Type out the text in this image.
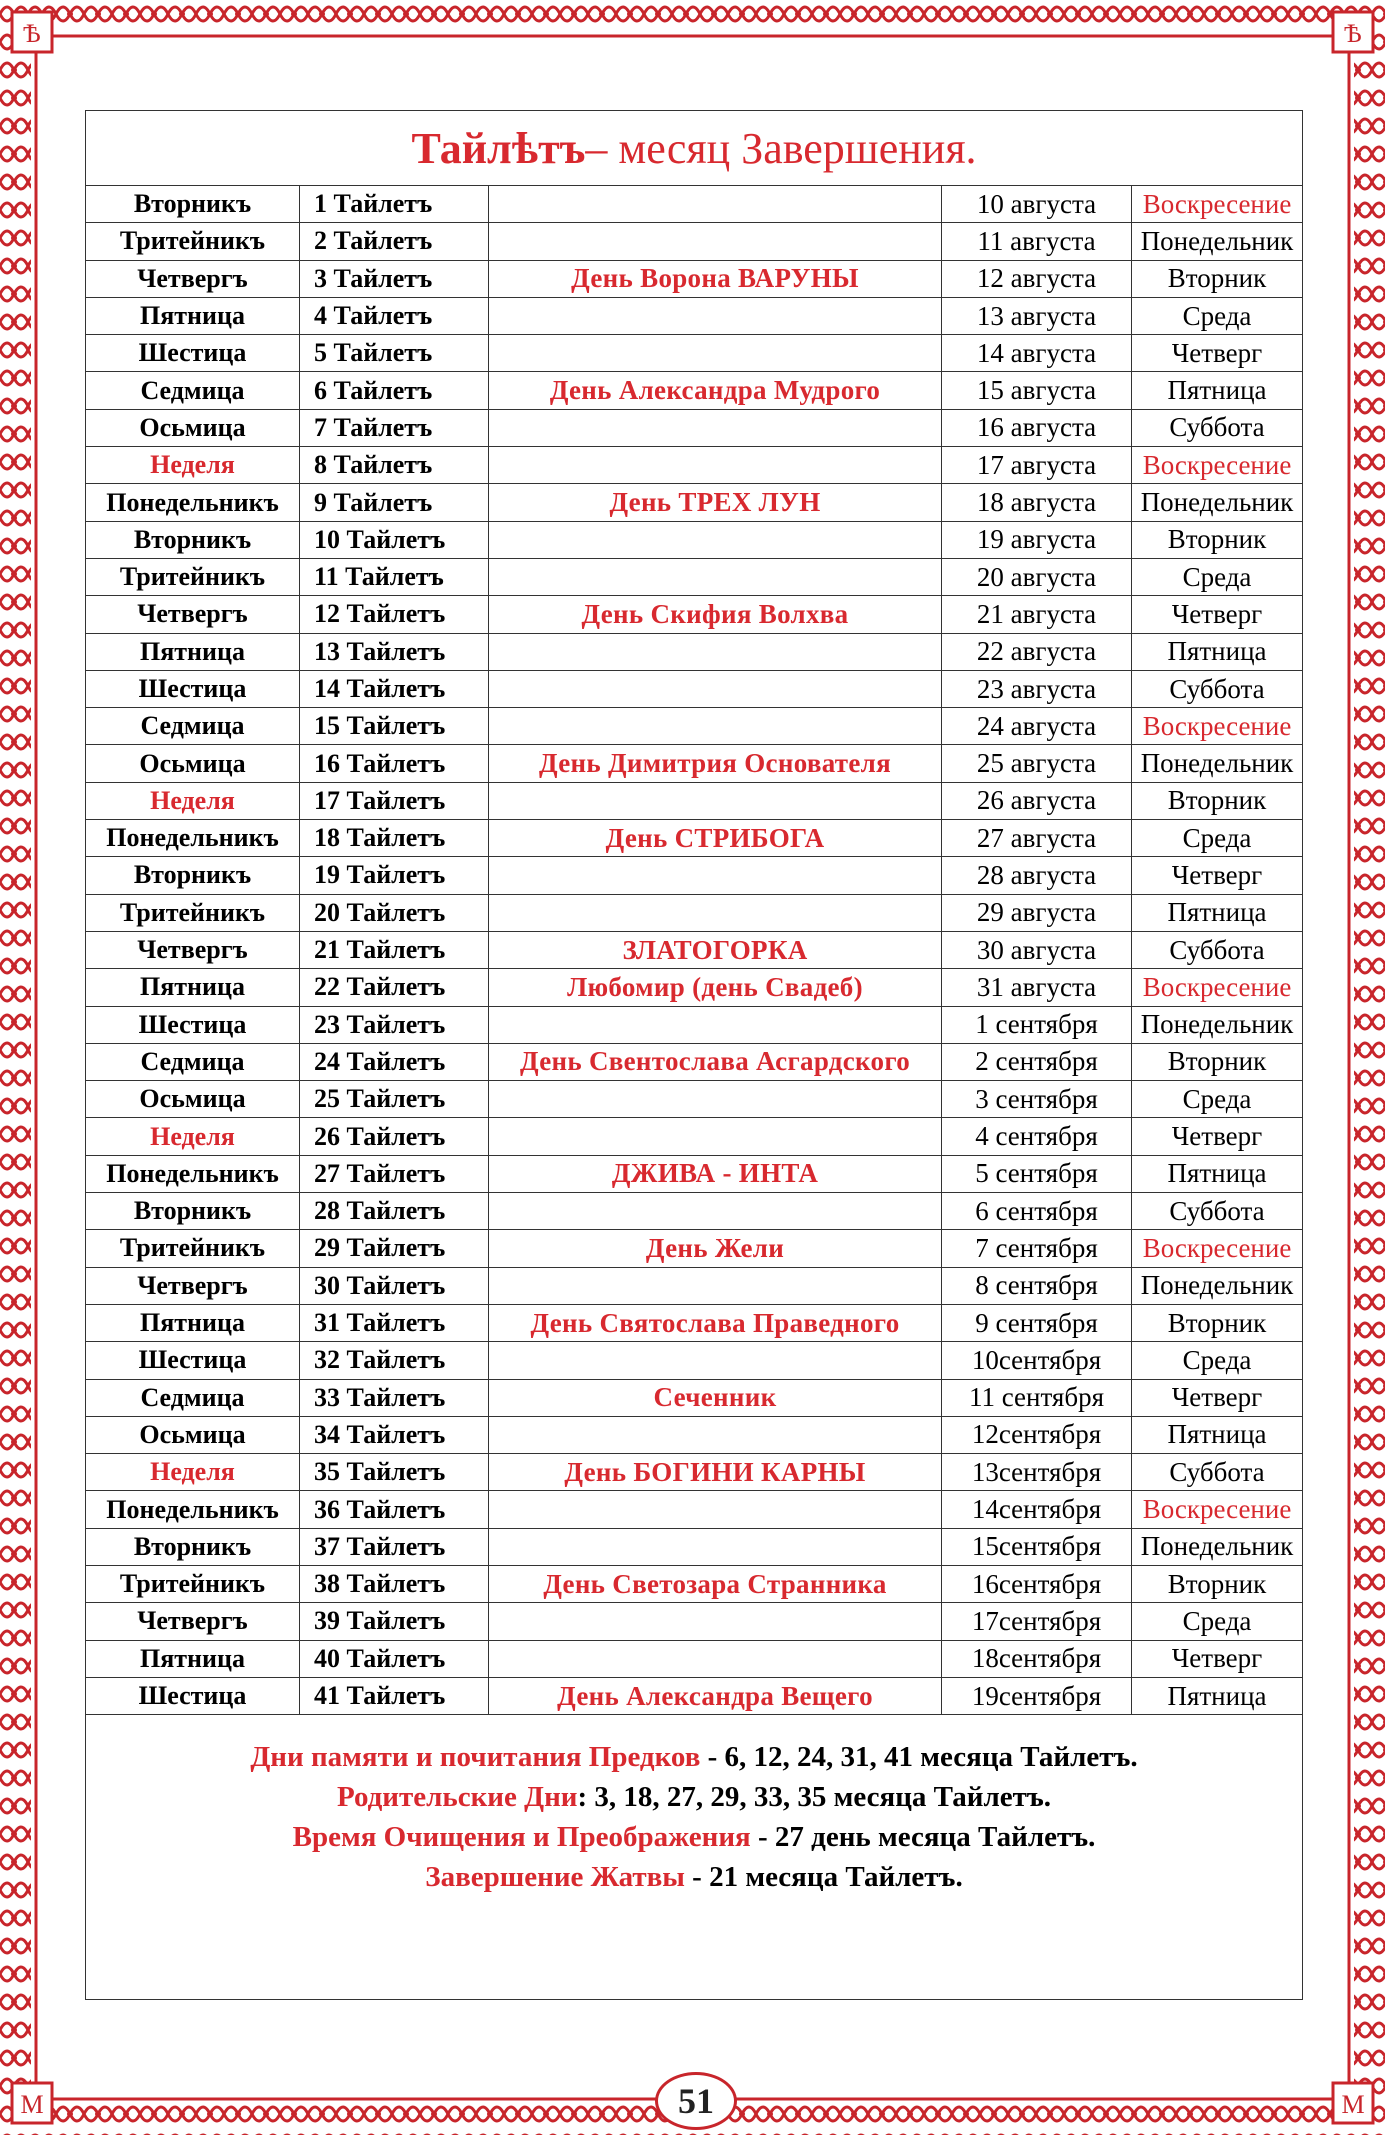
Ѣ	Ѣ
М	М
Тайлѣтъ – месяц Завершения.
Вторникъ	1 Тайлетъ		10 августа	Воскресение
Тритейникъ	2 Тайлетъ		11 августа	Понедельник
Четвергъ	3 Тайлетъ	День Ворона ВАРУНЫ	12 августа	Вторник
Пятница	4 Тайлетъ		13 августа	Среда
Шестица	5 Тайлетъ		14 августа	Четверг
Седмица	6 Тайлетъ	День Александра Мудрого	15 августа	Пятница
Осьмица	7 Тайлетъ		16 августа	Суббота
Неделя	8 Тайлетъ		17 августа	Воскресение
Понедельникъ	9 Тайлетъ	День ТРЕХ ЛУН	18 августа	Понедельник
Вторникъ	10 Тайлетъ		19 августа	Вторник
Тритейникъ	11 Тайлетъ		20 августа	Среда
Четвергъ	12 Тайлетъ	День Скифия Волхва	21 августа	Четверг
Пятница	13 Тайлетъ		22 августа	Пятница
Шестица	14 Тайлетъ		23 августа	Суббота
Седмица	15 Тайлетъ		24 августа	Воскресение
Осьмица	16 Тайлетъ	День Димитрия Основателя	25 августа	Понедельник
Неделя	17 Тайлетъ		26 августа	Вторник
Понедельникъ	18 Тайлетъ	День СТРИБОГА	27 августа	Среда
Вторникъ	19 Тайлетъ		28 августа	Четверг
Тритейникъ	20 Тайлетъ		29 августа	Пятница
Четвергъ	21 Тайлетъ	ЗЛАТОГОРКА	30 августа	Суббота
Пятница	22 Тайлетъ	Любомир (день Свадеб)	31 августа	Воскресение
Шестица	23 Тайлетъ		1 сентября	Понедельник
Седмица	24 Тайлетъ	День Свентослава Асгардского	2 сентября	Вторник
Осьмица	25 Тайлетъ		3 сентября	Среда
Неделя	26 Тайлетъ		4 сентября	Четверг
Понедельникъ	27 Тайлетъ	ДЖИВА - ИНТА	5 сентября	Пятница
Вторникъ	28 Тайлетъ		6 сентября	Суббота
Тритейникъ	29 Тайлетъ	День Жели	7 сентября	Воскресение
Четвергъ	30 Тайлетъ		8 сентября	Понедельник
Пятница	31 Тайлетъ	День Святослава Праведного	9 сентября	Вторник
Шестица	32 Тайлетъ		10сентября	Среда
Седмица	33 Тайлетъ	Сеченник	11 сентября	Четверг
Осьмица	34 Тайлетъ		12сентября	Пятница
Неделя	35 Тайлетъ	День БОГИНИ КАРНЫ	13сентября	Суббота
Понедельникъ	36 Тайлетъ		14сентября	Воскресение
Вторникъ	37 Тайлетъ		15сентября	Понедельник
Тритейникъ	38 Тайлетъ	День Светозара Странника	16сентября	Вторник
Четвергъ	39 Тайлетъ		17сентября	Среда
Пятница	40 Тайлетъ		18сентября	Четверг
Шестица	41 Тайлетъ	День Александра Вещего	19сентября	Пятница
Дни памяти и почитания Предков - 6, 12, 24, 31, 41 месяца Тайлетъ.
Родительские Дни: 3, 18, 27, 29, 33, 35 месяца Тайлетъ.
Время Очищения и Преображения - 27 день месяца Тайлетъ.
Завершение Жатвы - 21 месяца Тайлетъ.
51
